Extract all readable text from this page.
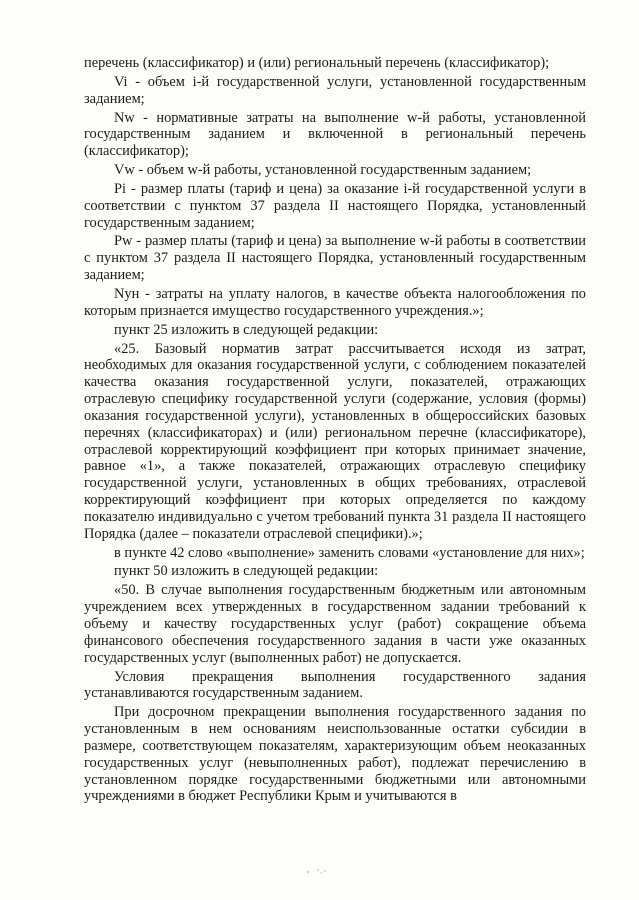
перечень (классификатор) и (или) региональный перечень (классификатор);

Vi - объем i-й государственной услуги, установленной государственным заданием;

Nw - нормативные затраты на выполнение w-й работы, установленной государственным заданием и включенной в региональный перечень (классификатор);

Vw - объем w-й работы, установленной государственным заданием;

Pi - размер платы (тариф и цена) за оказание i-й государственной услуги в соответствии с пунктом 37 раздела II настоящего Порядка, установленный государственным заданием;

Pw - размер платы (тариф и цена) за выполнение w-й работы в соответствии с пунктом 37 раздела II настоящего Порядка, установленный государственным заданием;

Nун - затраты на уплату налогов, в качестве объекта налогообложения по которым признается имущество государственного учреждения.»;

пункт 25 изложить в следующей редакции:

«25. Базовый норматив затрат рассчитывается исходя из затрат, необходимых для оказания государственной услуги, с соблюдением показателей качества оказания государственной услуги, показателей, отражающих отраслевую специфику государственной услуги (содержание, условия (формы) оказания государственной услуги), установленных в общероссийских базовых перечнях (классификаторах) и (или) региональном перечне (классификаторе), отраслевой корректирующий коэффициент при которых принимает значение, равное «1», а также показателей, отражающих отраслевую специфику государственной услуги, установленных в общих требованиях, отраслевой корректирующий коэффициент при которых определяется по каждому показателю индивидуально с учетом требований пункта 31 раздела II настоящего Порядка (далее – показатели отраслевой специфики).»;

в пункте 42 слово «выполнение» заменить словами «установление для них»;

пункт 50 изложить в следующей редакции:

«50. В случае выполнения государственным бюджетным или автономным учреждением всех утвержденных в государственном задании требований к объему и качеству государственных услуг (работ) сокращение объема финансового обеспечения государственного задания в части уже оказанных государственных услуг (выполненных работ) не допускается.

Условия прекращения выполнения государственного задания устанавливаются государственным заданием.

При досрочном прекращении выполнения государственного задания по установленным в нем основаниям неиспользованные остатки субсидии в размере, соответствующем показателям, характеризующим объем неоказанных государственных услуг (невыполненных работ), подлежат перечислению в установленном порядке государственными бюджетными или автономными учреждениями в бюджет Республики Крым и учитываются в
